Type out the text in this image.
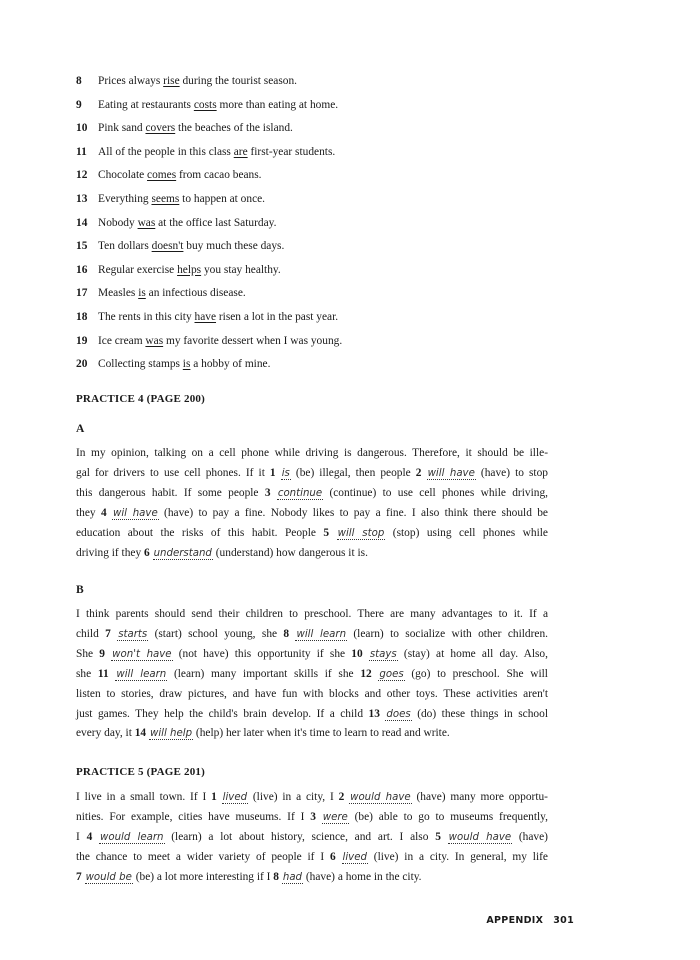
8 Prices always rise during the tourist season.
9 Eating at restaurants costs more than eating at home.
10 Pink sand covers the beaches of the island.
11 All of the people in this class are first-year students.
12 Chocolate comes from cacao beans.
13 Everything seems to happen at once.
14 Nobody was at the office last Saturday.
15 Ten dollars doesn't buy much these days.
16 Regular exercise helps you stay healthy.
17 Measles is an infectious disease.
18 The rents in this city have risen a lot in the past year.
19 Ice cream was my favorite dessert when I was young.
20 Collecting stamps is a hobby of mine.
PRACTICE 4 (PAGE 200)
A
In my opinion, talking on a cell phone while driving is dangerous. Therefore, it should be ille-
gal for drivers to use cell phones. If it 1 is (be) illegal, then people 2 will have (have) to stop
this dangerous habit. If some people 3 continue (continue) to use cell phones while driving,
they 4 wil have (have) to pay a fine. Nobody likes to pay a fine. I also think there should be
education about the risks of this habit. People 5 will stop (stop) using cell phones while
driving if they 6 understand (understand) how dangerous it is.
B
I think parents should send their children to preschool. There are many advantages to it. If a
child 7 starts (start) school young, she 8 will learn (learn) to socialize with other children.
She 9 won't have (not have) this opportunity if she 10 stays (stay) at home all day. Also,
she 11 will learn (learn) many important skills if she 12 goes (go) to preschool. She will
listen to stories, draw pictures, and have fun with blocks and other toys. These activities aren't
just games. They help the child's brain develop. If a child 13 does (do) these things in school
every day, it 14 will help (help) her later when it's time to learn to read and write.
PRACTICE 5 (PAGE 201)
I live in a small town. If I 1 lived (live) in a city, I 2 would have (have) many more opportu-
nities. For example, cities have museums. If I 3 were (be) able to go to museums frequently,
I 4 would learn (learn) a lot about history, science, and art. I also 5 would have (have)
the chance to meet a wider variety of people if I 6 lived (live) in a city. In general, my life
7 would be (be) a lot more interesting if I 8 had (have) a home in the city.
APPENDIX 301
